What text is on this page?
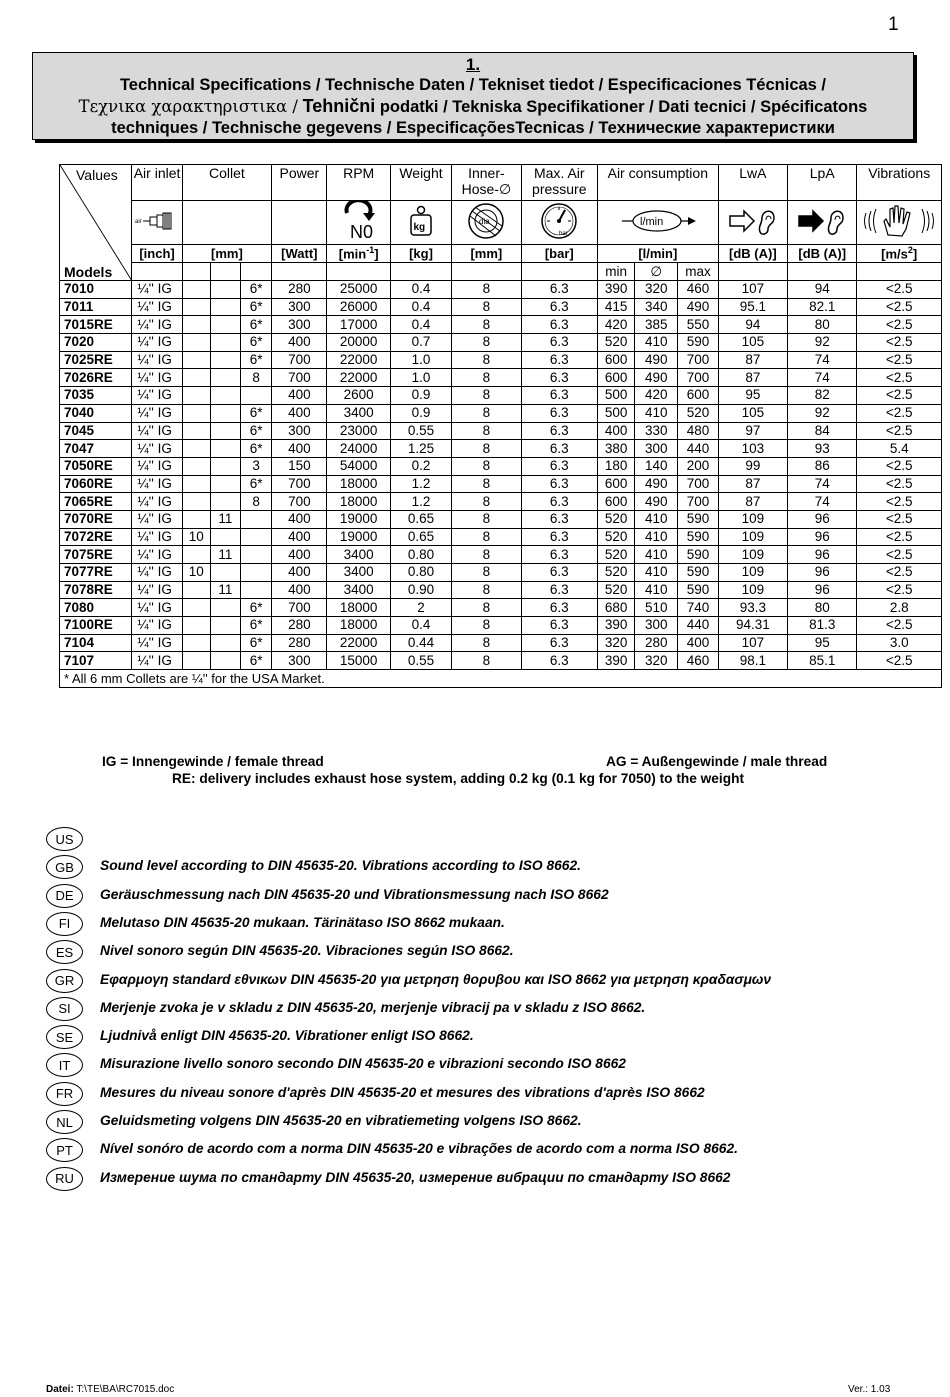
1
1.
Technical Specifications / Technische Daten / Tekniset tiedot / Especificaciones Técnicas /
Τεχνικα χαρακτηριστικα / Tehnični podatki / Tekniska Specifikationer / Dati tecnici / Spécificatons
techniques / Technische gegevens / EspecificaçõesTecnicas / Технические характеристики
Values
Models	Air inlet	Collet			Power	RPM	Weight	Inner-Hose-∅	Max. Air pressure	Air consumption			LwA	LpA	Vibrations

air					N0	kg	dia	bar	l/min

	[inch]	[mm]			[Watt]	$[\min^{-1}]$	[kg]	[mm]	[bar]	[l/min]			[dB (A)]	[dB (A)]	$[m/s^2]$
										min	∅	max			

7010	¼'' IG			6*	280	25000	0.4	8	6.3	390	320	460	107	94	<2.5
7011	¼'' IG			6*	300	26000	0.4	8	6.3	415	340	490	95.1	82.1	<2.5
7015RE	¼'' IG			6*	300	17000	0.4	8	6.3	420	385	550	94	80	<2.5
7020	¼'' IG			6*	400	20000	0.7	8	6.3	520	410	590	105	92	<2.5
7025RE	¼'' IG			6*	700	22000	1.0	8	6.3	600	490	700	87	74	<2.5
7026RE	¼'' IG			8	700	22000	1.0	8	6.3	600	490	700	87	74	<2.5
7035	¼'' IG				400	2600	0.9	8	6.3	500	420	600	95	82	<2.5
7040	¼'' IG			6*	400	3400	0.9	8	6.3	500	410	520	105	92	<2.5
7045	¼'' IG			6*	300	23000	0.55	8	6.3	400	330	480	97	84	<2.5
7047	¼'' IG			6*	400	24000	1.25	8	6.3	380	300	440	103	93	5.4
7050RE	¼'' IG			3	150	54000	0.2	8	6.3	180	140	200	99	86	<2.5
7060RE	¼'' IG			6*	700	18000	1.2	8	6.3	600	490	700	87	74	<2.5
7065RE	¼'' IG			8	700	18000	1.2	8	6.3	600	490	700	87	74	<2.5
7070RE	¼'' IG		11		400	19000	0.65	8	6.3	520	410	590	109	96	<2.5
7072RE	¼'' IG	10			400	19000	0.65	8	6.3	520	410	590	109	96	<2.5
7075RE	¼'' IG		11		400	3400	0.80	8	6.3	520	410	590	109	96	<2.5
7077RE	¼'' IG	10			400	3400	0.80	8	6.3	520	410	590	109	96	<2.5
7078RE	¼'' IG		11		400	3400	0.90	8	6.3	520	410	590	109	96	<2.5
7080	¼'' IG			6*	700	18000	2	8	6.3	680	510	740	93.3	80	2.8
7100RE	¼'' IG			6*	280	18000	0.4	8	6.3	390	300	440	94.31	81.3	<2.5
7104	¼'' IG			6*	280	22000	0.44	8	6.3	320	280	400	107	95	3.0
7107	¼'' IG			6*	300	15000	0.55	8	6.3	390	320	460	98.1	85.1	<2.5
* All 6 mm Collets are ¼'' for the USA Market.															
IG = Innengewinde / female thread	AG = Außengewinde / male thread
RE: delivery includes exhaust hose system, adding 0.2 kg (0.1 kg for 7050) to the weight
US
GB	Sound level according to DIN 45635-20. Vibrations according to ISO 8662.
DE	Geräuschmessung nach DIN 45635-20 und Vibrationsmessung nach ISO 8662
FI	Melutaso DIN 45635-20 mukaan. Tärinätaso ISO 8662 mukaan.
ES	Nivel sonoro según DIN 45635-20. Vibraciones según ISO 8662.
GR	Εφαρμογη standard εθνικων DIN 45635-20 για μετρηση θορυβου και ISO 8662 για μετρηση κραδασμων
SI	Merjenje zvoka je v skladu z DIN 45635-20, merjenje vibracij pa v skladu z ISO 8662.
SE	Ljudnivå enligt DIN 45635-20. Vibrationer enligt ISO 8662.
IT	Misurazione livello sonoro secondo DIN 45635-20 e vibrazioni secondo ISO 8662
FR	Mesures du niveau sonore d'après DIN 45635-20 et mesures des vibrations d'après ISO 8662
NL	Geluidsmeting volgens DIN 45635-20 en vibratiemeting volgens ISO 8662.
PT	Nível sonóro de acordo com a norma DIN 45635-20 e vibrações de acordo com a norma ISO 8662.
RU	Измерение шума по стандарту DIN 45635-20, измерение вибрации по стандарту ISO 8662
Datei: T:\TE\BA\RC7015.doc	Ver.: 1.03
